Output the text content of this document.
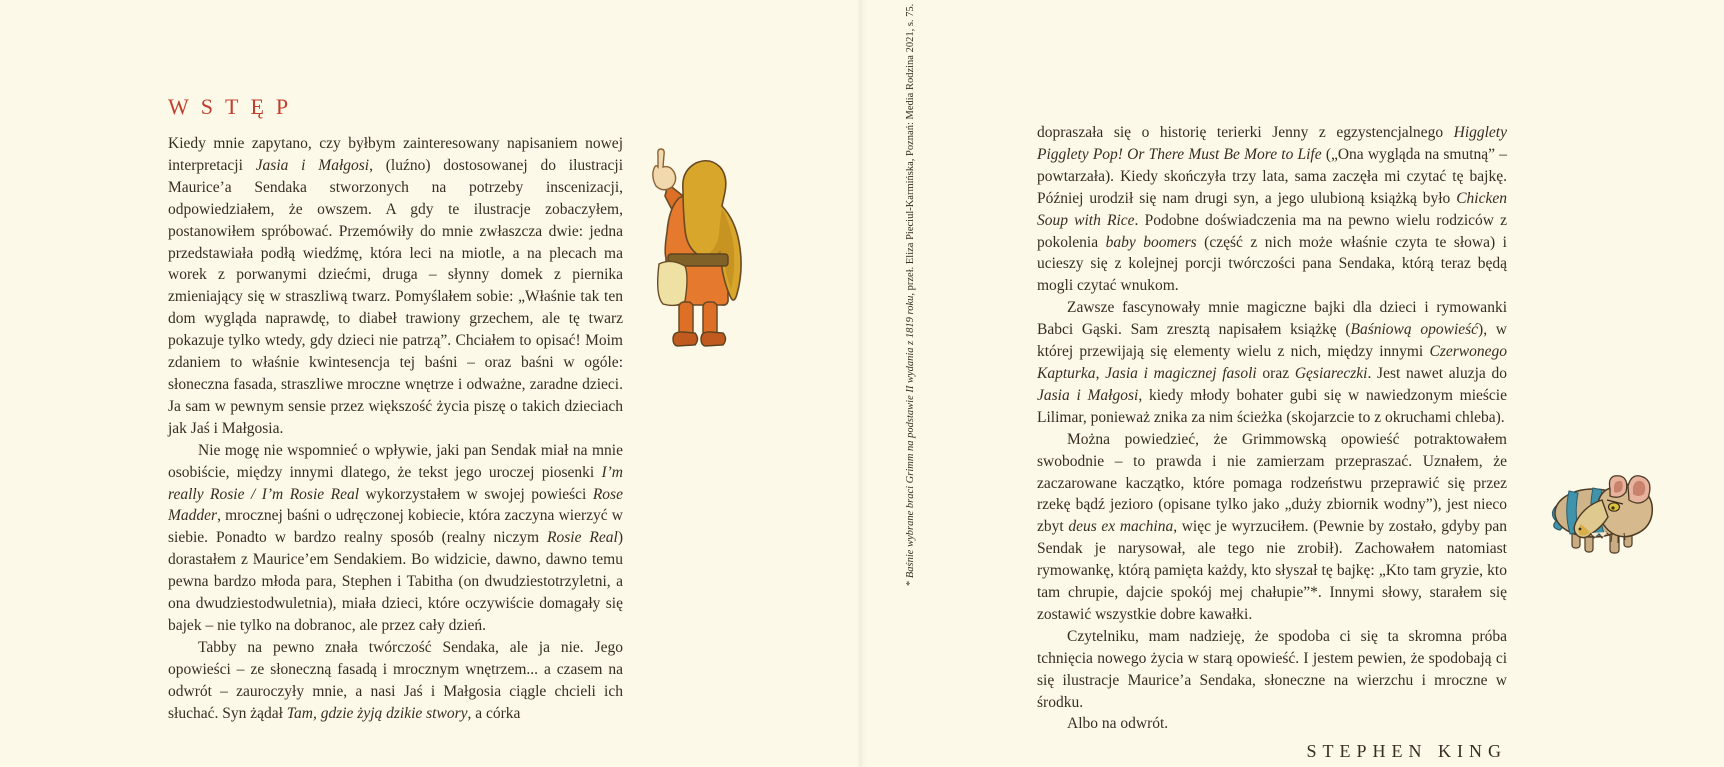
WSTĘP

Kiedy mnie zapytano, czy byłbym zainteresowany napisaniem nowej interpretacji Jasia i Małgosi, (luźno) dostosowanej do ilustracji Maurice’a Sendaka stworzonych na potrzeby inscenizacji, odpowiedziałem, że owszem. A gdy te ilustracje zobaczyłem, postanowiłem spróbować. Przemówiły do mnie zwłaszcza dwie: jedna przedstawiała podłą wiedźmę, która leci na miotle, a na plecach ma worek z porwanymi dziećmi, druga – słynny domek z piernika zmieniający się w straszliwą twarz. Pomyślałem sobie: „Właśnie tak ten dom wygląda naprawdę, to diabeł trawiony grzechem, ale tę twarz pokazuje tylko wtedy, gdy dzieci nie patrzą”. Chciałem to opisać! Moim zdaniem to właśnie kwintesencja tej baśni – oraz baśni w ogóle: słoneczna fasada, straszliwe mroczne wnętrze i odważne, zaradne dzieci. Ja sam w pewnym sensie przez większość życia piszę o takich dzieciach jak Jaś i Małgosia.

Nie mogę nie wspomnieć o wpływie, jaki pan Sendak miał na mnie osobiście, między innymi dlatego, że tekst jego uroczej piosenki I’m really Rosie / I’m Rosie Real wykorzystałem w swojej powieści Rose Madder, mrocznej baśni o udręczonej kobiecie, która zaczyna wierzyć w siebie. Ponadto w bardzo realny sposób (realny niczym Rosie Real) dorastałem z Maurice’em Sendakiem. Bo widzicie, dawno, dawno temu pewna bardzo młoda para, Stephen i Tabitha (on dwudziestotrzyletni, a ona dwudziestodwuletnia), miała dzieci, które oczywiście domagały się bajek – nie tylko na dobranoc, ale przez cały dzień.

Tabby na pewno znała twórczość Sendaka, ale ja nie. Jego opowieści – ze słoneczną fasadą i mrocznym wnętrzem... a czasem na odwrót – zauroczyły mnie, a nasi Jaś i Małgosia ciągle chcieli ich słuchać. Syn żądał Tam, gdzie żyją dzikie stwory, a córka

* Baśnie wybrane braci Grimm na podstawie II wydania z 1819 roku, przeł. Eliza Pieciul-Karmińska, Poznań: Media Rodzina 2021, s. 75.	dopraszała się o historię terierki Jenny z egzystencjalnego Higglety Pigglety Pop! Or There Must Be More to Life („Ona wygląda na smutną” – powtarzała). Kiedy skończyła trzy lata, sama zaczęła mi czytać tę bajkę. Później urodził się nam drugi syn, a jego ulubioną książką było Chicken Soup with Rice. Podobne doświadczenia ma na pewno wielu rodziców z pokolenia baby boomers (część z nich może właśnie czyta te słowa) i ucieszy się z kolejnej porcji twórczości pana Sendaka, którą teraz będą mogli czytać wnukom.

Zawsze fascynowały mnie magiczne bajki dla dzieci i rymowanki Babci Gąski. Sam zresztą napisałem książkę (Baśniową opowieść), w której przewijają się elementy wielu z nich, między innymi Czerwonego Kapturka, Jasia i magicznej fasoli oraz Gęsiareczki. Jest nawet aluzja do Jasia i Małgosi, kiedy młody bohater gubi się w nawiedzonym mieście Lilimar, ponieważ znika za nim ścieżka (skojarzcie to z okruchami chleba).

Można powiedzieć, że Grimmowską opowieść potraktowałem swobodnie – to prawda i nie zamierzam przepraszać. Uznałem, że zaczarowane kaczątko, które pomaga rodzeństwu przeprawić się przez rzekę bądź jezioro (opisane tylko jako „duży zbiornik wodny”), jest nieco zbyt deus ex machina, więc je wyrzuciłem. (Pewnie by zostało, gdyby pan Sendak je narysował, ale tego nie zrobił). Zachowałem natomiast rymowankę, którą pamięta każdy, kto słyszał tę bajkę: „Kto tam gryzie, kto tam chrupie, dajcie spokój mej chałupie”*. Innymi słowy, starałem się zostawić wszystkie dobre kawałki.

Czytelniku, mam nadzieję, że spodoba ci się ta skromna próba tchnięcia nowego życia w starą opowieść. I jestem pewien, że spodobają ci się ilustracje Maurice’a Sendaka, słoneczne na wierzchu i mroczne w środku.

Albo na odwrót.

STEPHEN KING
